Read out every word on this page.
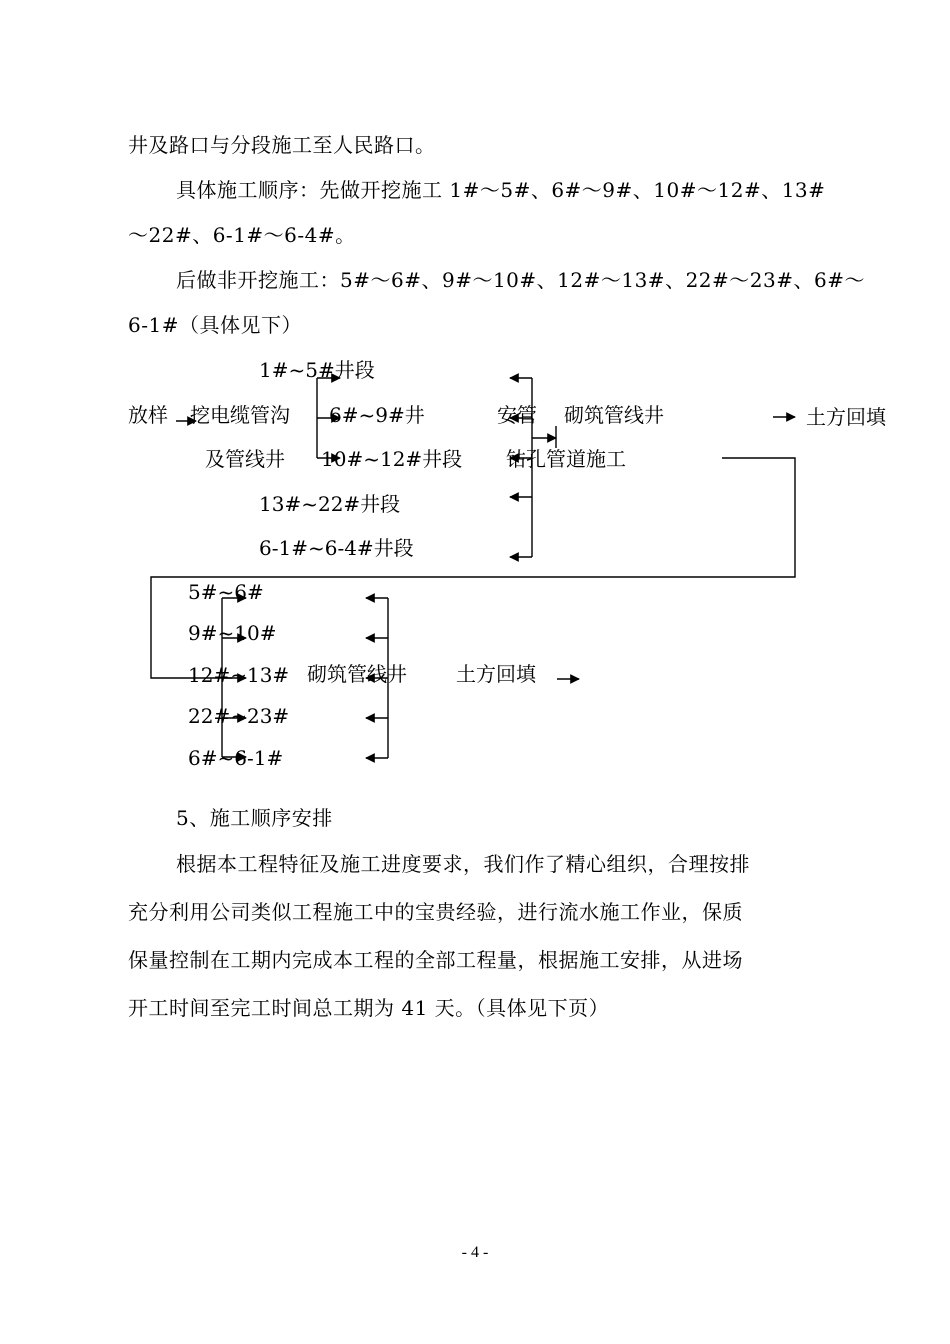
井及路口与分段施工至人民路口。
具体施工顺序：先做开挖施工 1#～5#、6#～9#、10#～12#、13#
～22#、6-1#～6-4#。
后做非开挖施工：5#～6#、9#～10#、12#～13#、22#～23#、6#～
6-1#（具体见下）
放样 挖电缆管沟
及管线井
1#~5#井段
6#~9#井
10#~12#井段
13#~22#井段
6-1#~6-4#井段
安管
钻孔管道施工
砌筑管线井	土方回填
5#~6#
9#~10#
12#~13#
22#~23#
6#~6-1#
砌筑管线井 土方回填
5、施工顺序安排
根据本工程特征及施工进度要求，我们作了精心组织，合理按排
充分利用公司类似工程施工中的宝贵经验，进行流水施工作业，保质
保量控制在工期内完成本工程的全部工程量，根据施工安排，从进场
开工时间至完工时间总工期为 41 天。（具体见下页）
- 4 -
